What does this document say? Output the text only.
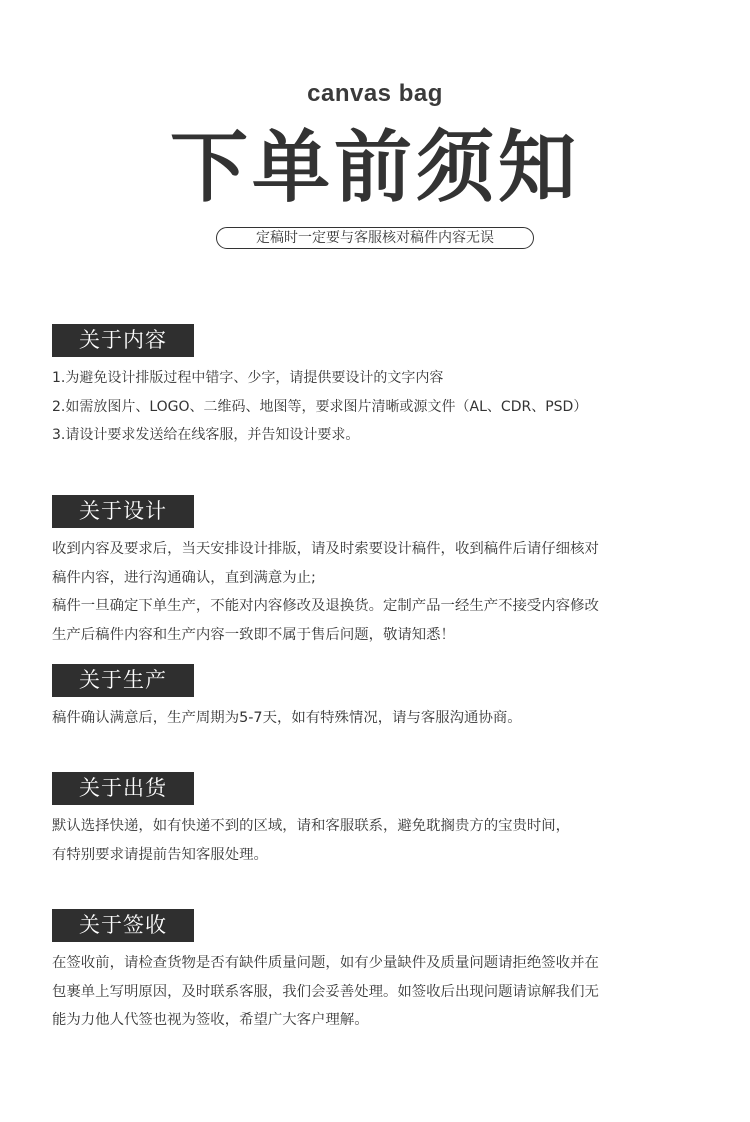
canvas bag
下单前须知
定稿时一定要与客服核对稿件内容无误
关于内容
1.为避免设计排版过程中错字、少字，请提供要设计的文字内容
2.如需放图片、LOGO、二维码、地图等，要求图片清晰或源文件（AL、CDR、PSD）
3.请设计要求发送给在线客服，并告知设计要求。
关于设计
收到内容及要求后，当天安排设计排版，请及时索要设计稿件，收到稿件后请仔细核对
稿件内容，进行沟通确认，直到满意为止;
稿件一旦确定下单生产，不能对内容修改及退换货。定制产品一经生产不接受内容修改
生产后稿件内容和生产内容一致即不属于售后问题，敬请知悉！
关于生产
稿件确认满意后，生产周期为5-7天，如有特殊情况，请与客服沟通协商。
关于出货
默认选择快递，如有快递不到的区域，请和客服联系，避免耽搁贵方的宝贵时间，
有特别要求请提前告知客服处理。
关于签收
在签收前，请检查货物是否有缺件质量问题，如有少量缺件及质量问题请拒绝签收并在
包裹单上写明原因，及时联系客服，我们会妥善处理。如签收后出现问题请谅解我们无
能为力他人代签也视为签收，希望广大客户理解。
